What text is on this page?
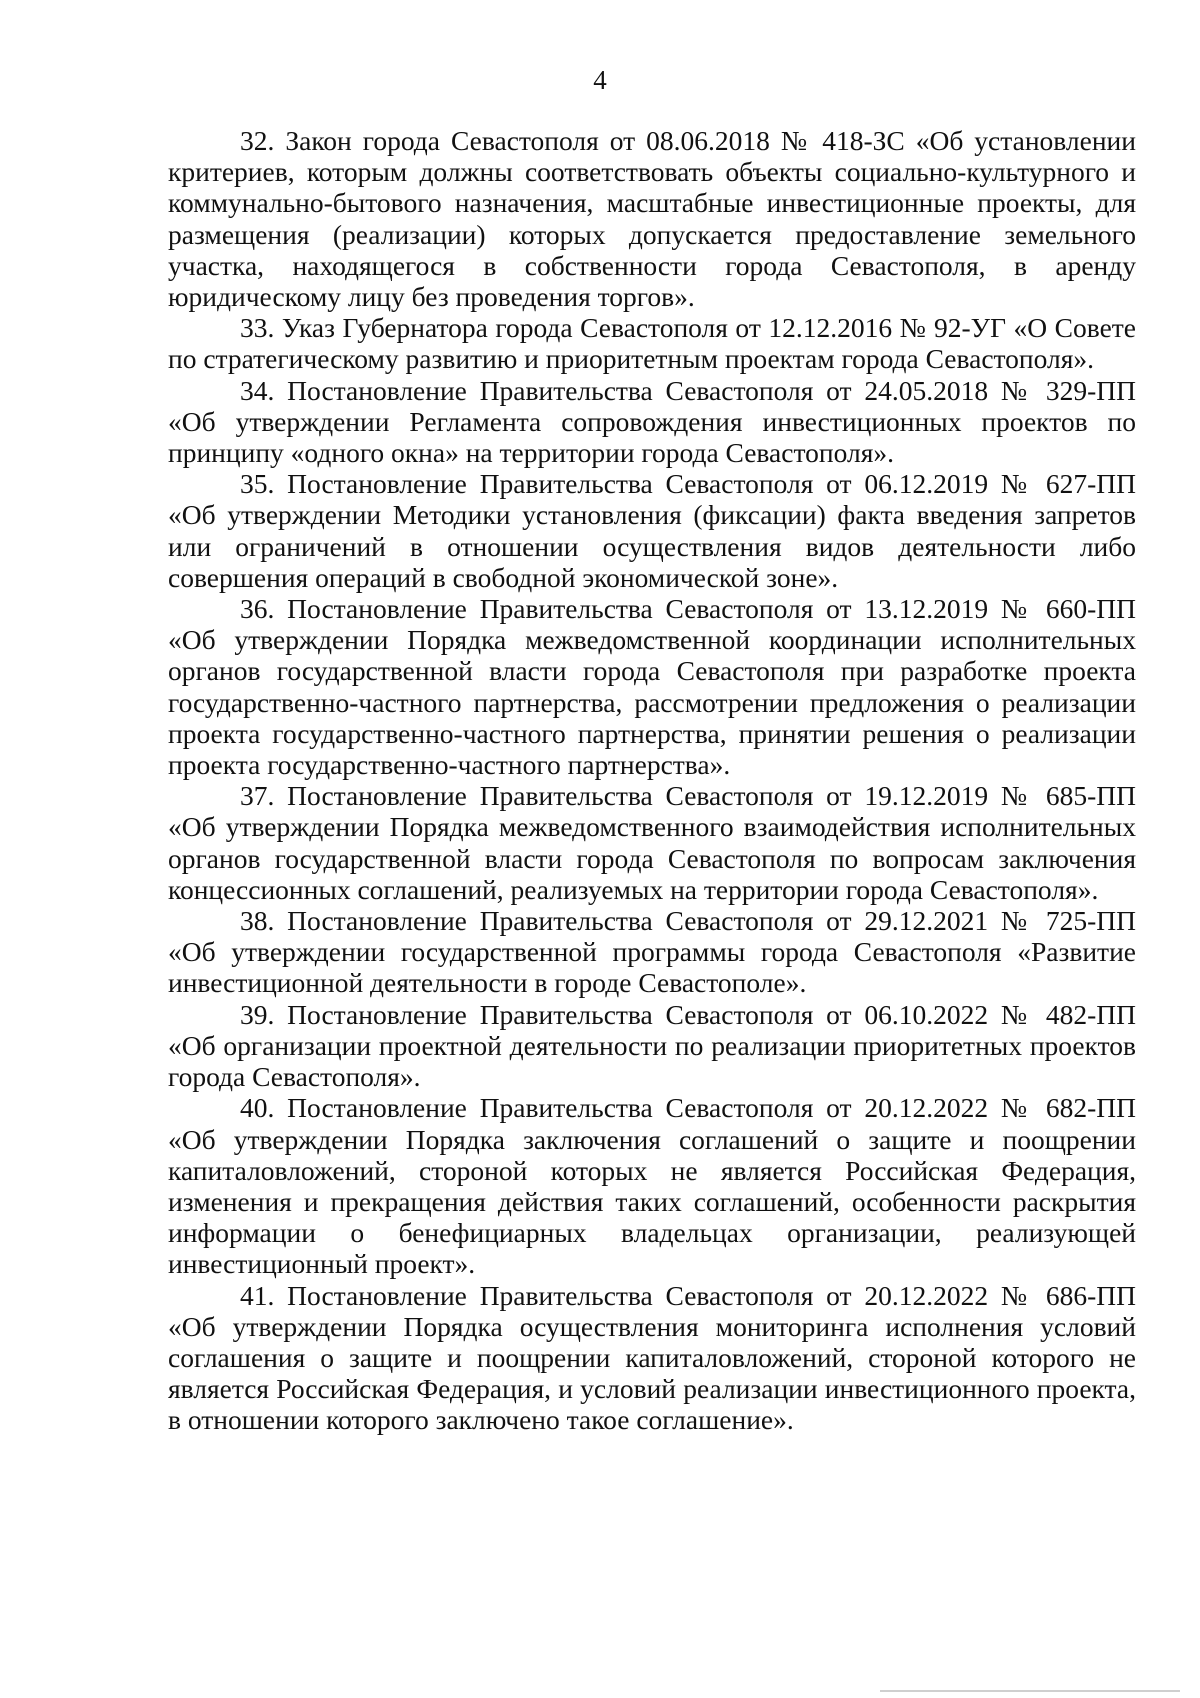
4

32. Закон города Севастополя от 08.06.2018 № 418-ЗС «Об установлении критериев, которым должны соответствовать объекты социально-культурного и коммунально-бытового назначения, масштабные инвестиционные проекты, для размещения (реализации) которых допускается предоставление земельного участка, находящегося в собственности города Севастополя, в аренду юридическому лицу без проведения торгов».

33. Указ Губернатора города Севастополя от 12.12.2016 № 92-УГ «О Совете по стратегическому развитию и приоритетным проектам города Севастополя».

34. Постановление Правительства Севастополя от 24.05.2018 № 329-ПП «Об утверждении Регламента сопровождения инвестиционных проектов по принципу «одного окна» на территории города Севастополя».

35. Постановление Правительства Севастополя от 06.12.2019 № 627-ПП «Об утверждении Методики установления (фиксации) факта введения запретов или ограничений в отношении осуществления видов деятельности либо совершения операций в свободной экономической зоне».

36. Постановление Правительства Севастополя от 13.12.2019 № 660-ПП «Об утверждении Порядка межведомственной координации исполнительных органов государственной власти города Севастополя при разработке проекта государственно-частного партнерства, рассмотрении предложения о реализации проекта государственно-частного партнерства, принятии решения о реализации проекта государственно-частного партнерства».

37. Постановление Правительства Севастополя от 19.12.2019 № 685-ПП «Об утверждении Порядка межведомственного взаимодействия исполнительных органов государственной власти города Севастополя по вопросам заключения концессионных соглашений, реализуемых на территории города Севастополя».

38. Постановление Правительства Севастополя от 29.12.2021 № 725-ПП «Об утверждении государственной программы города Севастополя «Развитие инвестиционной деятельности в городе Севастополе».

39. Постановление Правительства Севастополя от 06.10.2022 № 482-ПП «Об организации проектной деятельности по реализации приоритетных проектов города Севастополя».

40. Постановление Правительства Севастополя от 20.12.2022 № 682-ПП «Об утверждении Порядка заключения соглашений о защите и поощрении капиталовложений, стороной которых не является Российская Федерация, изменения и прекращения действия таких соглашений, особенности раскрытия информации о бенефициарных владельцах организации, реализующей инвестиционный проект».

41. Постановление Правительства Севастополя от 20.12.2022 № 686-ПП «Об утверждении Порядка осуществления мониторинга исполнения условий соглашения о защите и поощрении капиталовложений, стороной которого не является Российская Федерация, и условий реализации инвестиционного проекта, в отношении которого заключено такое соглашение».
